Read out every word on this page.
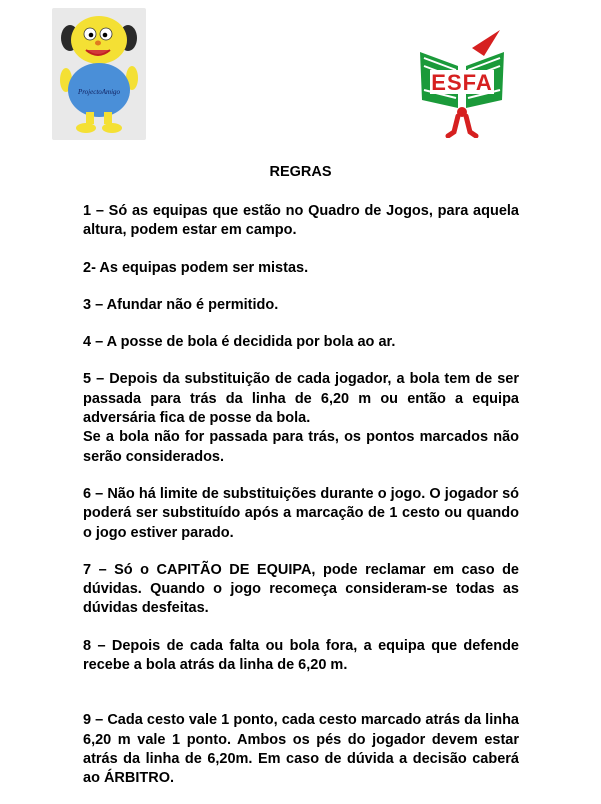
ProjectoAmigo	ESFA
REGRAS

1 – Só as equipas que estão no Quadro de Jogos, para aquela altura, podem estar em campo.

2- As equipas podem ser mistas.

3 – Afundar não é permitido.

4 – A posse de bola é decidida por bola ao ar.

5 – Depois da substituição de cada jogador, a bola tem de ser passada para trás da linha de 6,20 m ou então a equipa adversária fica de posse da bola.

Se a bola não for passada para trás, os pontos marcados não serão considerados.

6 – Não há limite de substituições durante o jogo. O jogador só poderá ser substituído após a marcação de 1 cesto ou quando o jogo estiver parado.

7 – Só o CAPITÃO DE EQUIPA, pode reclamar em caso de dúvidas. Quando o jogo recomeça consideram-se todas as dúvidas desfeitas.

8 – Depois de cada falta ou bola fora, a equipa que defende recebe a bola atrás da linha de 6,20 m.

9 – Cada cesto vale 1 ponto, cada cesto marcado atrás da linha 6,20 m vale 1 ponto. Ambos os pés do jogador devem estar atrás da linha de 6,20m. Em caso de dúvida a decisão caberá ao ÁRBITRO.
